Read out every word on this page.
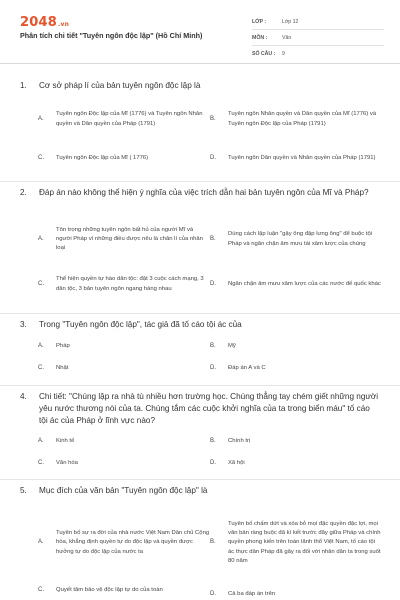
2048.vn
Phân tích chi tiết "Tuyên ngôn độc lập" (Hồ Chí Minh)
LỚP :	Lớp 12
MÔN :	Văn
SỐ CÂU :	9
1. Cơ sở pháp lí của bản tuyên ngôn độc lập là
A.
Tuyên ngôn Độc lập của Mĩ (1776) và Tuyên ngôn Nhân quyền và Dân quyền của Pháp (1791)
B.
Tuyên ngôn Nhân quyền và Dân quyền của Mĩ (1776) và Tuyên ngôn Độc lập của Pháp (1791)
C.	Tuyên ngôn Độc lập của Mĩ ( 1776)	D.	Tuyên ngôn Dân quyền và Nhân quyền của Pháp (1791)
2. Đáp án nào không thể hiện ý nghĩa của việc trích dẫn hai bản tuyên ngôn của Mĩ và Pháp?
A.
Tôn trọng những tuyên ngôn bất hủ của người Mĩ và người Pháp vì những điều được nêu là chân lí của nhân loại
B.
Dùng cách lập luận "gậy ông đập lưng ông" để buộc tội Pháp và ngăn chặn âm mưu tái xâm lược của chúng
C.
Thể hiện quyền tự hào dân tộc: đặt 3 cuộc cách mạng, 3 dân tộc, 3 bản tuyên ngôn ngang hàng nhau
D.	Ngăn chặn âm mưu xâm lược của các nước đế quốc khác
3. Trong "Tuyên ngôn độc lập", tác giả đã tố cáo tội ác của
A.	Pháp	B.	Mỹ
C.	Nhật	D.	Đáp án A và C
4. Chi tiết: "Chúng lập ra nhà tù nhiều hơn trường học. Chúng thẳng tay chém giết những người yêu nước thương nòi của ta. Chúng tắm các cuộc khởi nghĩa của ta trong biển máu" tố cáo tội ác của Pháp ở lĩnh vực nào?
A.	Kinh tế	B.	Chính trị
C.	Văn hóa	D.	Xã hội
5. Mục đích của văn bản "Tuyên ngôn độc lập" là
A.
Tuyên bố sự ra đời của nhà nước Việt Nam Dân chủ Cộng hòa, khẳng định quyền tự do độc lập và quyền được hưởng tự do độc lập của nước ta
B.
Tuyên bố chấm dứt và xóa bỏ mọi đặc quyền đặc lợi, mọi văn bản ràng buộc đã kí kết trước đây giữa Pháp và chính quyền phong kiến trên toàn lãnh thổ Việt Nam, tố cáo tội ác thực dân Pháp đã gây ra đối với nhân dân ta trong suốt 80 năm
C.	Quyết tâm bảo vệ độc lập tự do của toàn
D.	Cả ba đáp án trên
